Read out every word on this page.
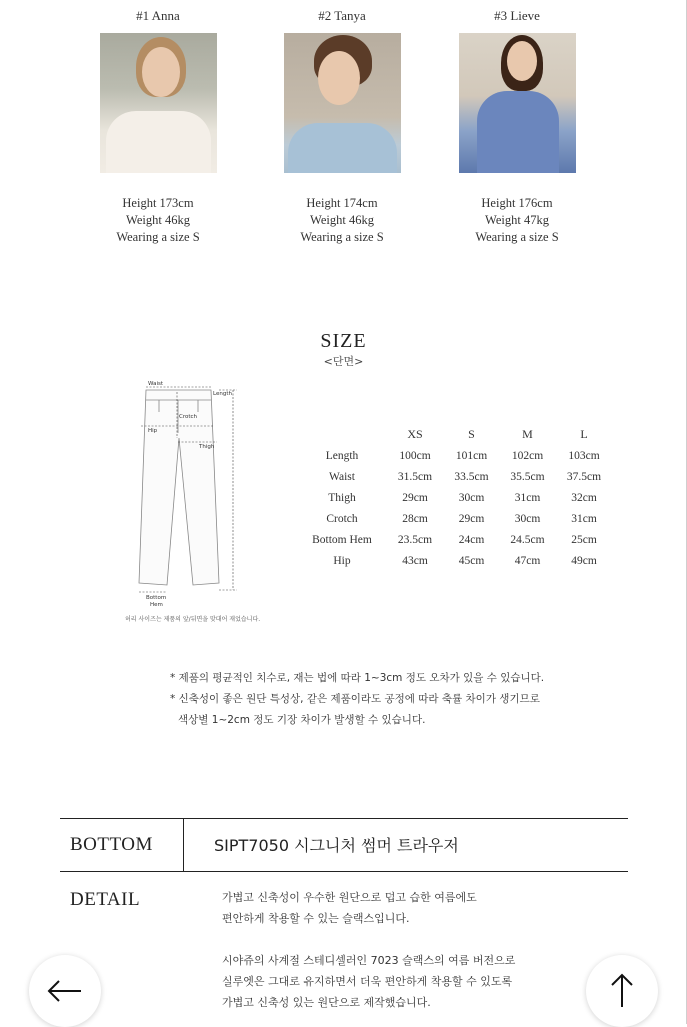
#1 Anna
Height 173cm
Weight 46kg
Wearing a size S
#2 Tanya
Height 174cm
Weight 46kg
Wearing a size S
#3 Lieve
Height 176cm
Weight 47kg
Wearing a size S
SIZE
<단면>
Waist
Length
Crotch
Hip
Thigh
Bottom
Hem
허리 사이즈는 제품의 앞/뒤면을 맞대어 재었습니다.
	XS	S	M	L
Length	100cm	101cm	102cm	103cm
Waist	31.5cm	33.5cm	35.5cm	37.5cm
Thigh	29cm	30cm	31cm	32cm
Crotch	28cm	29cm	30cm	31cm
Bottom Hem	23.5cm	24cm	24.5cm	25cm
Hip	43cm	45cm	47cm	49cm
* 제품의 평균적인 치수로, 재는 법에 따라 1~3cm 정도 오차가 있을 수 있습니다.
* 신축성이 좋은 원단 특성상, 같은 제품이라도 공정에 따라 축률 차이가 생기므로
색상별 1~2cm 정도 기장 차이가 발생할 수 있습니다.
BOTTOM	SIPT7050 시그니처 썸머 트라우저
DETAIL	가볍고 신축성이 우수한 원단으로 덥고 습한 여름에도
편안하게 착용할 수 있는 슬랙스입니다.
시야쥬의 사계절 스테디셀러인 7023 슬랙스의 여름 버전으로
실루엣은 그대로 유지하면서 더욱 편안하게 착용할 수 있도록
가볍고 신축성 있는 원단으로 제작했습니다.
